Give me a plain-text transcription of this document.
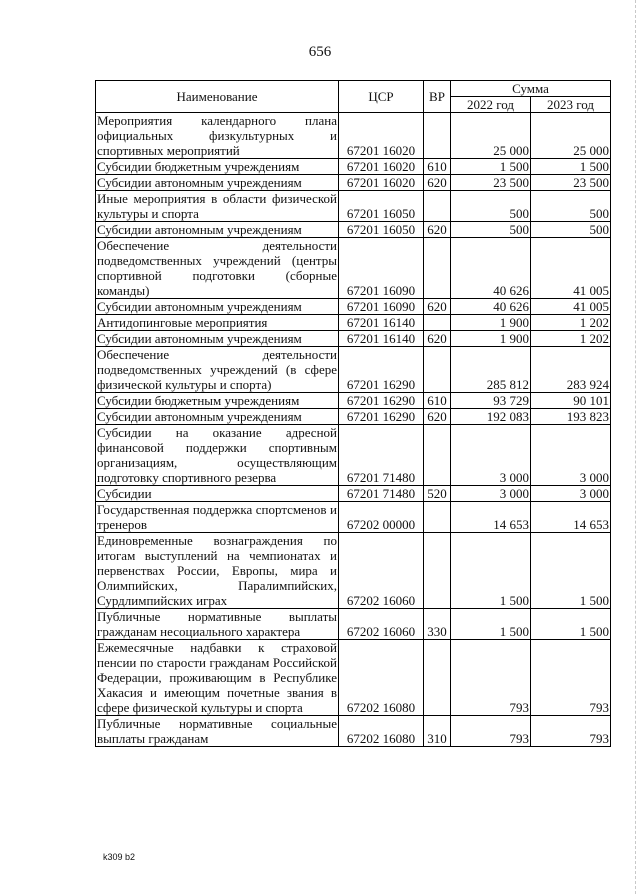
656
Наименование	ЦСР	ВР	Сумма	
			2022 год	2023 год
Мероприятия календарного плана официальных физкультурных и спортивных мероприятий	67201 16020		25 000	25 000
Субсидии бюджетным учреждениям	67201 16020	610	1 500	1 500
Субсидии автономным учреждениям	67201 16020	620	23 500	23 500
Иные мероприятия в области физической культуры и спорта	67201 16050		500	500
Субсидии автономным учреждениям	67201 16050	620	500	500
Обеспечение деятельности подведомственных учреждений (центры спортивной подготовки (сборные команды)	67201 16090		40 626	41 005
Субсидии автономным учреждениям	67201 16090	620	40 626	41 005
Антидопинговые мероприятия	67201 16140		1 900	1 202
Субсидии автономным учреждениям	67201 16140	620	1 900	1 202
Обеспечение деятельности подведомственных учреждений (в сфере физической культуры и спорта)	67201 16290		285 812	283 924
Субсидии бюджетным учреждениям	67201 16290	610	93 729	90 101
Субсидии автономным учреждениям	67201 16290	620	192 083	193 823
Субсидии на оказание адресной финансовой поддержки спортивным организациям, осуществляющим подготовку спортивного резерва	67201 71480		3 000	3 000
Субсидии	67201 71480	520	3 000	3 000
Государственная поддержка спортсменов и тренеров	67202 00000		14 653	14 653
Единовременные вознаграждения по итогам выступлений на чемпионатах и первенствах России, Европы, мира и Олимпийских, Паралимпийских, Сурдлимпийских играх	67202 16060		1 500	1 500
Публичные нормативные выплаты гражданам несоциального характера	67202 16060	330	1 500	1 500
Ежемесячные надбавки к страховой пенсии по старости гражданам Российской Федерации, проживающим в Республике Хакасия и имеющим почетные звания в сфере физической культуры и спорта	67202 16080		793	793
Публичные нормативные социальные выплаты гражданам	67202 16080	310	793	793
k309 b2
